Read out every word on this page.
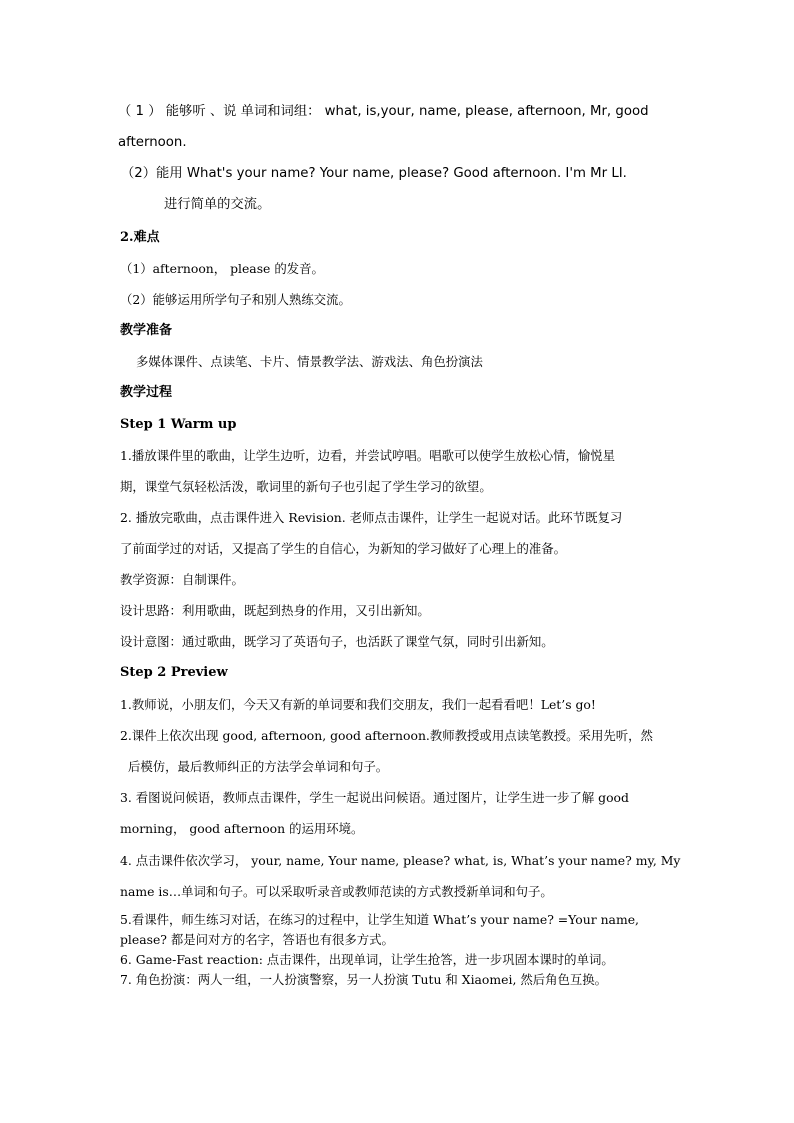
（ 1 ） 能够听 、说 单词和词组： what, is,your, name, please, afternoon, Mr, good
afternoon.
（2）能用 What's your name? Your name, please? Good afternoon. I'm Mr LI.
进行简单的交流。
2.难点
（1）afternoon， please 的发音。
（2）能够运用所学句子和别人熟练交流。
教学准备
多媒体课件、点读笔、卡片、情景教学法、游戏法、角色扮演法
教学过程
Step 1 Warm up
1.播放课件里的歌曲，让学生边听，边看，并尝试哼唱。唱歌可以使学生放松心情，愉悦星
期，课堂气氛轻松活泼，歌词里的新句子也引起了学生学习的欲望。
2. 播放完歌曲，点击课件进入 Revision. 老师点击课件，让学生一起说对话。此环节既复习
了前面学过的对话，又提高了学生的自信心，为新知的学习做好了心理上的准备。
教学资源：自制课件。
设计思路：利用歌曲，既起到热身的作用，又引出新知。
设计意图：通过歌曲，既学习了英语句子，也活跃了课堂气氛，同时引出新知。
Step 2 Preview
1.教师说，小朋友们，今天又有新的单词要和我们交朋友，我们一起看看吧！Let’s go!
2.课件上依次出现 good, afternoon, good afternoon.教师教授或用点读笔教授。采用先听，然
后模仿，最后教师纠正的方法学会单词和句子。
3. 看图说问候语，教师点击课件，学生一起说出问候语。通过图片，让学生进一步了解 good
morning， good afternoon 的运用环境。
4. 点击课件依次学习， your, name, Your name, please? what, is, What’s your name? my, My
name is…单词和句子。可以采取听录音或教师范读的方式教授新单词和句子。
5.看课件，师生练习对话，在练习的过程中，让学生知道 What’s your name? =Your name,
please? 都是问对方的名字，答语也有很多方式。
6. Game-Fast reaction: 点击课件，出现单词，让学生抢答，进一步巩固本课时的单词。
7. 角色扮演：两人一组，一人扮演警察，另一人扮演 Tutu 和 Xiaomei, 然后角色互换。
